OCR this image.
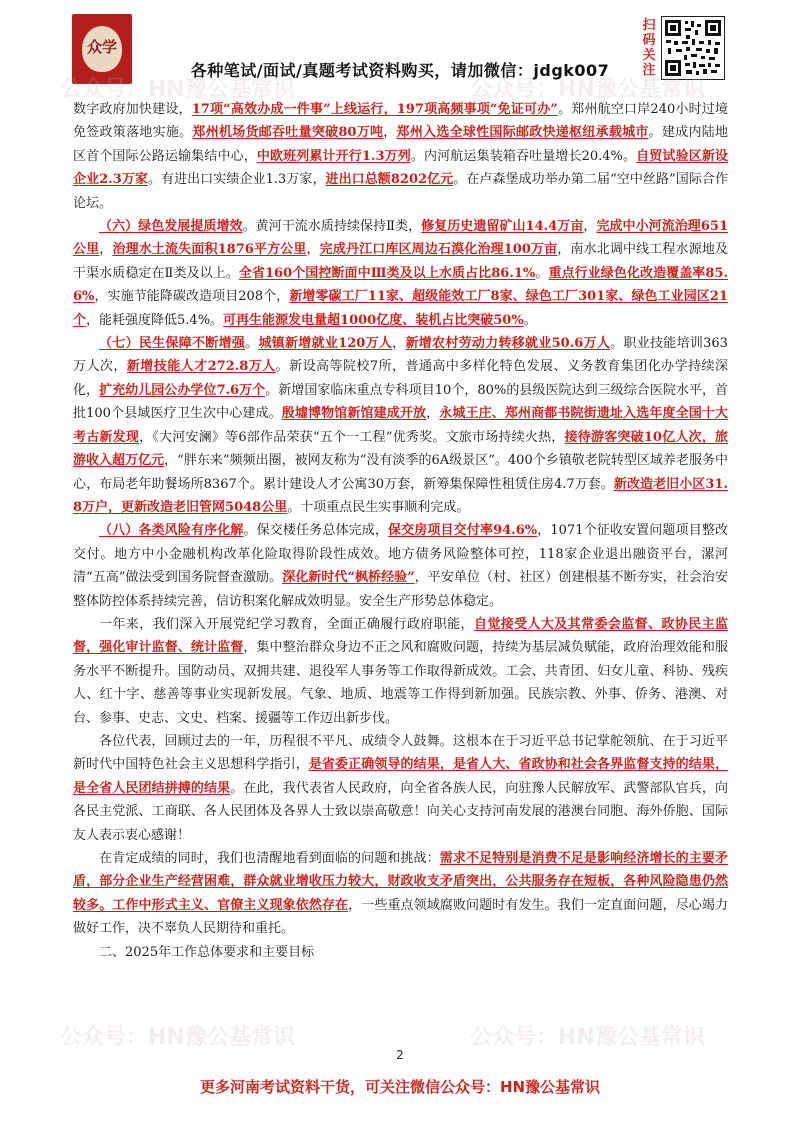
众学
各种笔试/面试/真题考试资料购买，请加微信：jdgk007
扫码关注
公众号：HN豫公基常识	公众号：HN豫公基常识
公众号：HN豫公基常识	公众号：HN豫公基常识

数字政府加快建设，17项“高效办成一件事”上线运行，197项高频事项“免证可办”。郑州航空口岸240小时过境免签政策落地实施。郑州机场货邮吞吐量突破80万吨，郑州入选全球性国际邮政快递枢纽承载城市。建成内陆地区首个国际公路运输集结中心，中欧班列累计开行1.3万列。内河航运集装箱吞吐量增长20.4%。自贸试验区新设企业2.3万家。有进出口实绩企业1.3万家，进出口总额8202亿元。在卢森堡成功举办第二届“空中丝路”国际合作论坛。

（六）绿色发展提质增效。黄河干流水质持续保持Ⅱ类，修复历史遗留矿山14.4万亩，完成中小河流治理651公里，治理水土流失面积1876平方公里，完成丹江口库区周边石漠化治理100万亩，南水北调中线工程水源地及干渠水质稳定在Ⅱ类及以上。全省160个国控断面中Ⅲ类及以上水质占比86.1%。重点行业绿色化改造覆盖率85.6%，实施节能降碳改造项目208个，新增零碳工厂11家、超级能效工厂8家、绿色工厂301家、绿色工业园区21个，能耗强度降低5.4%。可再生能源发电量超1000亿度、装机占比突破50%。

（七）民生保障不断增强。城镇新增就业120万人，新增农村劳动力转移就业50.6万人。职业技能培训363万人次，新增技能人才272.8万人。新设高等院校7所，普通高中多样化特色发展、义务教育集团化办学持续深化，扩充幼儿园公办学位7.6万个。新增国家临床重点专科项目10个，80%的县级医院达到三级综合医院水平，首批100个县域医疗卫生次中心建成。殷墟博物馆新馆建成开放，永城王庄、郑州商都书院街遗址入选年度全国十大考古新发现，《大河安澜》等6部作品荣获“五个一工程”优秀奖。文旅市场持续火热，接待游客突破10亿人次，旅游收入超万亿元，“胖东来”频频出圈，被网友称为“没有淡季的6A级景区”。400个乡镇敬老院转型区域养老服务中心，布局老年助餐场所8367个。累计建设人才公寓30万套，新筹集保障性租赁住房4.7万套。新改造老旧小区31.8万户，更新改造老旧管网5048公里。十项重点民生实事顺利完成。

（八）各类风险有序化解。保交楼任务总体完成，保交房项目交付率94.6%，1071个征收安置问题项目整改交付。地方中小金融机构改革化险取得阶段性成效。地方债务风险整体可控，118家企业退出融资平台，漯河清“五高”做法受到国务院督查激励。深化新时代“枫桥经验”，平安单位（村、社区）创建根基不断夯实，社会治安整体防控体系持续完善，信访积案化解成效明显。安全生产形势总体稳定。

一年来，我们深入开展党纪学习教育，全面正确履行政府职能，自觉接受人大及其常委会监督、政协民主监督，强化审计监督、统计监督，集中整治群众身边不正之风和腐败问题，持续为基层减负赋能，政府治理效能和服务水平不断提升。国防动员、双拥共建、退役军人事务等工作取得新成效。工会、共青团、妇女儿童、科协、残疾人、红十字、慈善等事业实现新发展。气象、地质、地震等工作得到新加强。民族宗教、外事、侨务、港澳、对台、参事、史志、文史、档案、援疆等工作迈出新步伐。

各位代表，回顾过去的一年，历程很不平凡、成绩令人鼓舞。这根本在于习近平总书记掌舵领航、在于习近平新时代中国特色社会主义思想科学指引，是省委正确领导的结果，是省人大、省政协和社会各界监督支持的结果，是全省人民团结拼搏的结果。在此，我代表省人民政府，向全省各族人民，向驻豫人民解放军、武警部队官兵，向各民主党派、工商联、各人民团体及各界人士致以崇高敬意！向关心支持河南发展的港澳台同胞、海外侨胞、国际友人表示衷心感谢！

在肯定成绩的同时，我们也清醒地看到面临的问题和挑战：需求不足特别是消费不足是影响经济增长的主要矛盾，部分企业生产经营困难，群众就业增收压力较大，财政收支矛盾突出，公共服务存在短板，各种风险隐患仍然较多。工作中形式主义、官僚主义现象依然存在，一些重点领域腐败问题时有发生。我们一定直面问题，尽心竭力做好工作，决不辜负人民期待和重托。

二、2025年工作总体要求和主要目标

2
更多河南考试资料干货，可关注微信公众号：HN豫公基常识
